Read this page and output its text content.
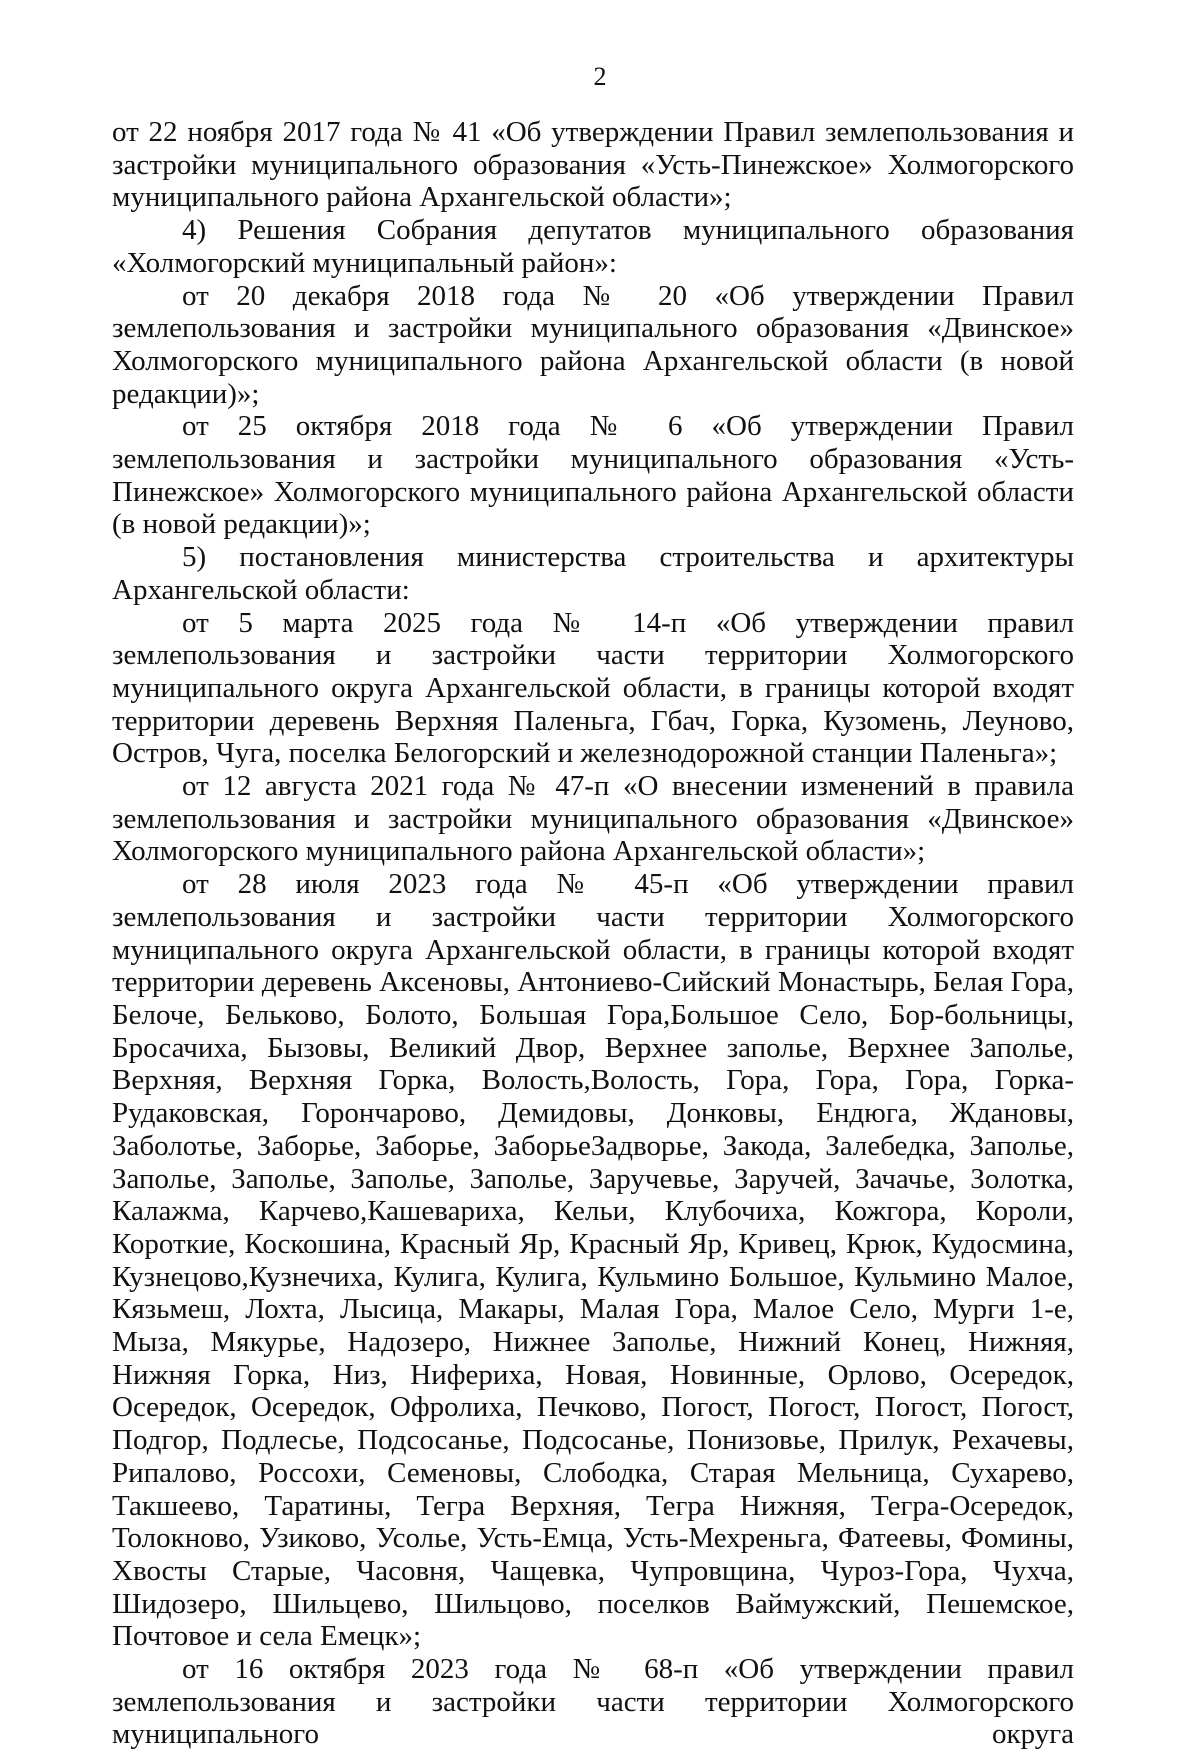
2

от 22 ноября 2017 года № 41 «Об утверждении Правил землепользования и застройки муниципального образования «Усть-Пинежское» Холмогорского муниципального района Архангельской области»;

4) Решения Собрания депутатов муниципального образования «Холмогорский муниципальный район»:

от 20 декабря 2018 года № 20 «Об утверждении Правил землепользования и застройки муниципального образования «Двинское» Холмогорского муниципального района Архангельской области (в новой редакции)»;

от 25 октября 2018 года № 6 «Об утверждении Правил землепользования и застройки муниципального образования «Усть-Пинежское» Холмогорского муниципального района Архангельской области (в новой редакции)»;

5) постановления министерства строительства и архитектуры Архангельской области:

от 5 марта 2025 года № 14-п «Об утверждении правил землепользования и застройки части территории Холмогорского муниципального округа Архангельской области, в границы которой входят территории деревень Верхняя Паленьга, Гбач, Горка, Кузомень, Леуново, Остров, Чуга, поселка Белогорский и железнодорожной станции Паленьга»;

от 12 августа 2021 года № 47-п «О внесении изменений в правила землепользования и застройки муниципального образования «Двинское» Холмогорского муниципального района Архангельской области»;

от 28 июля 2023 года № 45-п «Об утверждении правил землепользования и застройки части территории Холмогорского муниципального округа Архангельской области, в границы которой входят территории деревень Аксеновы, Антониево-Сийский Монастырь, Белая Гора, Белоче, Бельково, Болото, Большая Гора,Большое Село, Бор-больницы, Бросачиха, Бызовы, Великий Двор, Верхнее заполье, Верхнее Заполье, Верхняя, Верхняя Горка, Волость,Волость, Гора, Гора, Гора, Горка-Рудаковская, Горончарово, Демидовы, Донковы, Ендюга, Ждановы, Заболотье, Заборье, Заборье, ЗаборьеЗадворье, Закода, Залебедка, Заполье, Заполье, Заполье, Заполье, Заполье, Заручевье, Заручей, Зачачье, Золотка, Калажма, Карчево,Кашевариха, Кельи, Клубочиха, Кожгора, Короли, Короткие, Коскошина, Красный Яр, Красный Яр, Кривец, Крюк, Кудосмина, Кузнецово,Кузнечиха, Кулига, Кулига, Кульмино Большое, Кульмино Малое, Кязьмеш, Лохта, Лысица, Макары, Малая Гора, Малое Село, Мурги 1-е, Мыза, Мякурье, Надозеро, Нижнее Заполье, Нижний Конец, Нижняя, Нижняя Горка, Низ, Нифериха, Новая, Новинные, Орлово, Осередок, Осередок, Осередок, Офролиха, Печково, Погост, Погост, Погост, Погост, Подгор, Подлесье, Подсосанье, Подсосанье, Понизовье, Прилук, Рехачевы, Рипалово, Россохи, Семеновы, Слободка, Старая Мельница, Сухарево, Такшеево, Таратины, Тегра Верхняя, Тегра Нижняя, Тегра-Осередок, Толокново, Узиково, Усолье, Усть-Емца, Усть-Мехреньга, Фатеевы, Фомины, Хвосты Старые, Часовня, Чащевка, Чупровщина, Чуроз-Гора, Чухча, Шидозеро, Шильцево, Шильцово, поселков Ваймужский, Пешемское, Почтовое и села Емецк»;

от 16 октября 2023 года № 68-п «Об утверждении правил землепользования и застройки части территории Холмогорского муниципального округа
